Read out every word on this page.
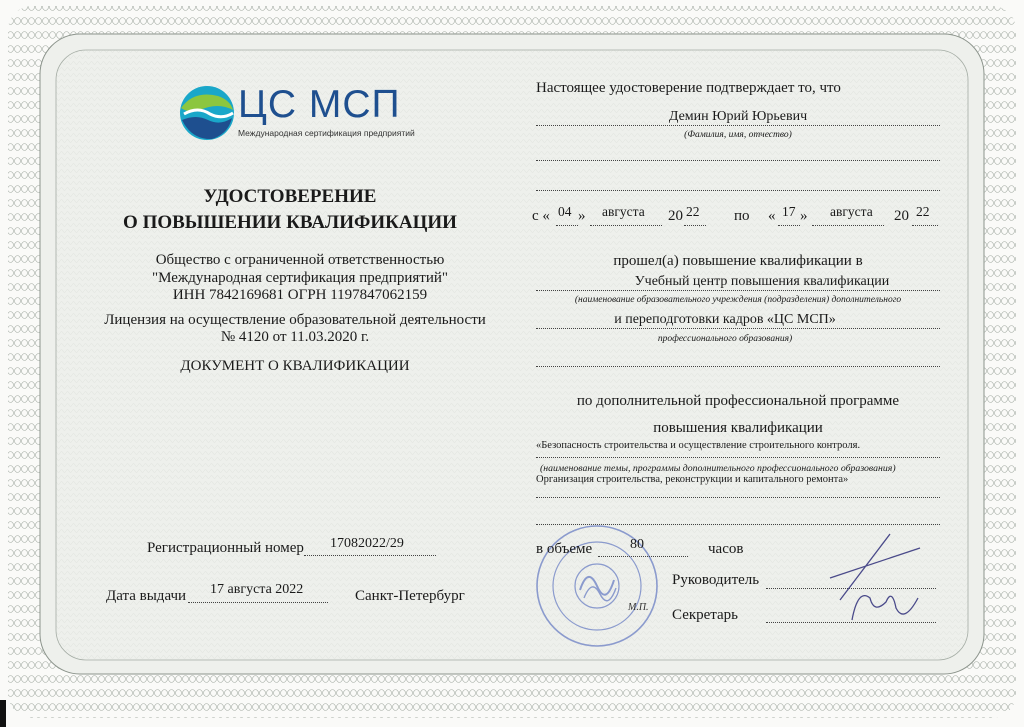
ЦС МСП
Международная сертификация предприятий
УДОСТОВЕРЕНИЕ
О ПОВЫШЕНИИ КВАЛИФИКАЦИИ
Общество с ограниченной ответственностью
"Международная сертификация предприятий"
ИНН 7842169681 ОГРН 1197847062159
Лицензия на осуществление образовательной деятельности
№ 4120 от 11.03.2020 г.
ДОКУМЕНТ О КВАЛИФИКАЦИИ
Регистрационный номер 17082022/29
Дата выдачи 17 августа 2022	Санкт-Петербург
Настоящее удостоверение подтверждает то, что
Демин Юрий Юрьевич
(Фамилия, имя, отчество)
с « 04 » августа 20 22 по « 17 » августа 20 22
прошел(а) повышение квалификации в
Учебный центр повышения квалификации
(наименование образовательного учреждения (подразделения) дополнительного
и переподготовки кадров «ЦС МСП»
профессионального образования)
по дополнительной профессиональной программе
повышения квалификации
«Безопасность строительства и осуществление строительного контроля.
(наименование темы, программы дополнительного профессионального образования)
Организация строительства, реконструкции и капитального ремонта»
М.П.
в объеме	80	часов
Руководитель
Секретарь
